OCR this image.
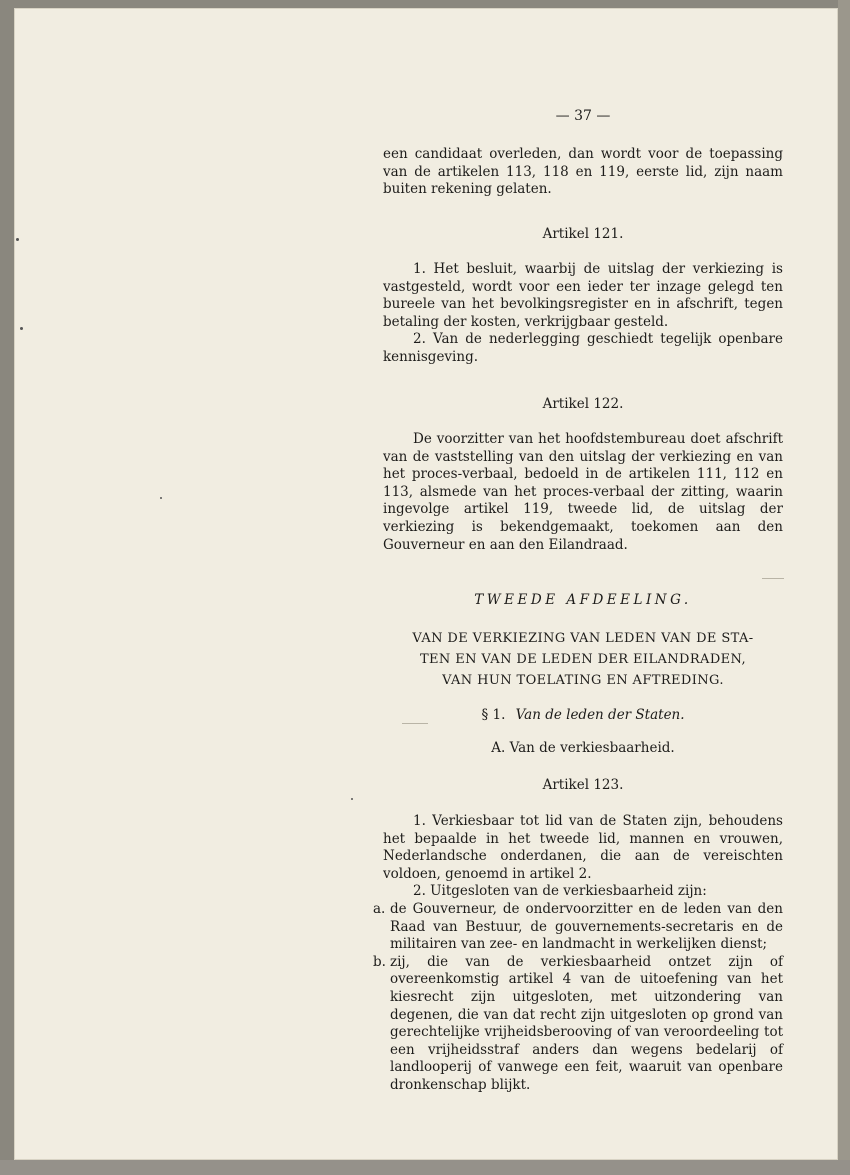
— 37 —

een candidaat overleden, dan wordt voor de toepassing van de artikelen 113, 118 en 119, eerste lid, zijn naam buiten rekening gelaten.

Artikel 121.

1. Het besluit, waarbij de uitslag der verkiezing is vastgesteld, wordt voor een ieder ter inzage gelegd ten bureele van het bevolkingsregister en in afschrift, tegen betaling der kosten, verkrijgbaar gesteld.

2. Van de nederlegging geschiedt tegelijk openbare kennisgeving.

Artikel 122.

De voorzitter van het hoofdstembureau doet afschrift van de vaststelling van den uitslag der verkiezing en van het proces-verbaal, bedoeld in de artikelen 111, 112 en 113, alsmede van het proces-verbaal der zitting, waarin ingevolge artikel 119, tweede lid, de uitslag der verkiezing is bekendgemaakt, toekomen aan den Gouverneur en aan den Eilandraad.

TWEEDE AFDEELING.
VAN DE VERKIEZING VAN LEDEN VAN DE STA-
TEN EN VAN DE LEDEN DER EILANDRADEN,
VAN HUN TOELATING EN AFTREDING.
§ 1. Van de leden der Staten.
A. Van de verkiesbaarheid.
Artikel 123.

1. Verkiesbaar tot lid van de Staten zijn, behoudens het bepaalde in het tweede lid, mannen en vrouwen, Nederlandsche onderdanen, die aan de vereischten voldoen, genoemd in artikel 2.

2. Uitgesloten van de verkiesbaarheid zijn:

a. de Gouverneur, de ondervoorzitter en de leden van den Raad van Bestuur, de gouvernements-secretaris en de militairen van zee- en landmacht in werkelijken dienst;
b. zij, die van de verkiesbaarheid ontzet zijn of overeenkomstig artikel 4 van de uitoefening van het kiesrecht zijn uitgesloten, met uitzondering van degenen, die van dat recht zijn uitgesloten op grond van gerechtelijke vrijheidsberooving of van veroordeeling tot een vrijheidsstraf anders dan wegens bedelarij of landlooperij of vanwege een feit, waaruit van openbare dronkenschap blijkt.
